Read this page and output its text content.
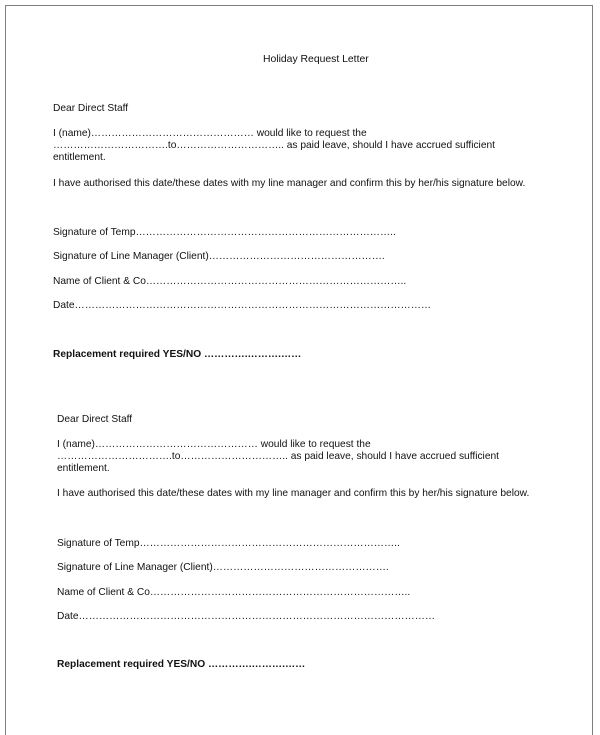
Holiday Request Letter
Dear Direct Staff
I (name)………………………………………… would like to request the
…………………………….to………………………….. as paid leave, should I have accrued sufficient
entitlement.
I have authorised this date/these dates with my line manager and confirm this by her/his signature below.
Signature of Temp…………………………………………………………………..
Signature of Line Manager (Client)…………………………………………….
Name of Client & Co…………………………………………………………………..
Date……………………………………………………………………………………………
Replacement required YES/NO ………….……….……
Dear Direct Staff
I (name)………………………………………… would like to request the
…………………………….to………………………….. as paid leave, should I have accrued sufficient
entitlement.
I have authorised this date/these dates with my line manager and confirm this by her/his signature below.
Signature of Temp…………………………………………………………………..
Signature of Line Manager (Client)…………………………………………….
Name of Client & Co…………………………………………………………………..
Date……………………………………………………………………………………………
Replacement required YES/NO ………….……….……
